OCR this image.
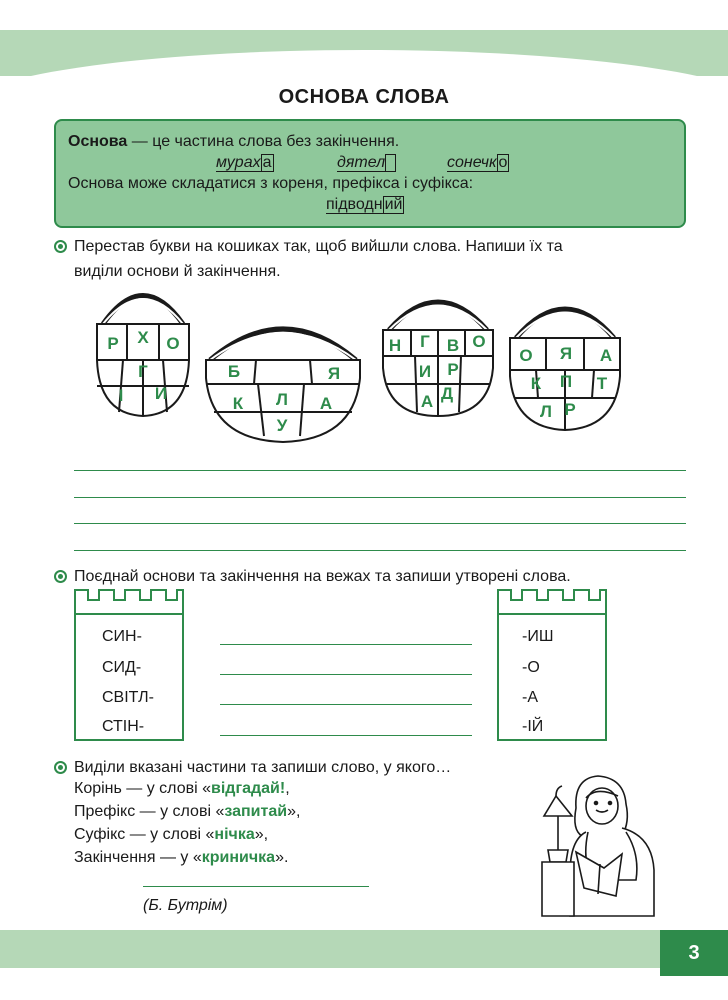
ОСНОВА СЛОВА
Основа — це частина слова без закінчення.
мурах а	дятел	сонечк о
Основа може складатися з кореня, префікса і суфікса:
підводн ий
Перестав букви на кошиках так, щоб вийшли слова. Напиши їх та
виділи основи й закінчення.
Р Х О
Г
І	И
Б	Я
К Л А
У
Н	Г	В О
И Р
А Д
О Я А
К П Т
Л Р
Поєднай основи та закінчення на вежах та запиши утворені слова.
СИН-
СИД-
СВІТЛ-
СТІН-
-ИШ
-О
-А
-ІЙ
Виділи вказані частини та запиши слово, у якого…
Корінь — у слові «відгадай!,
Префікс — у слові «запитай»,
Суфікс — у слові «нічка»,
Закінчення — у «криничка».
(Б. Бутрім)
3
